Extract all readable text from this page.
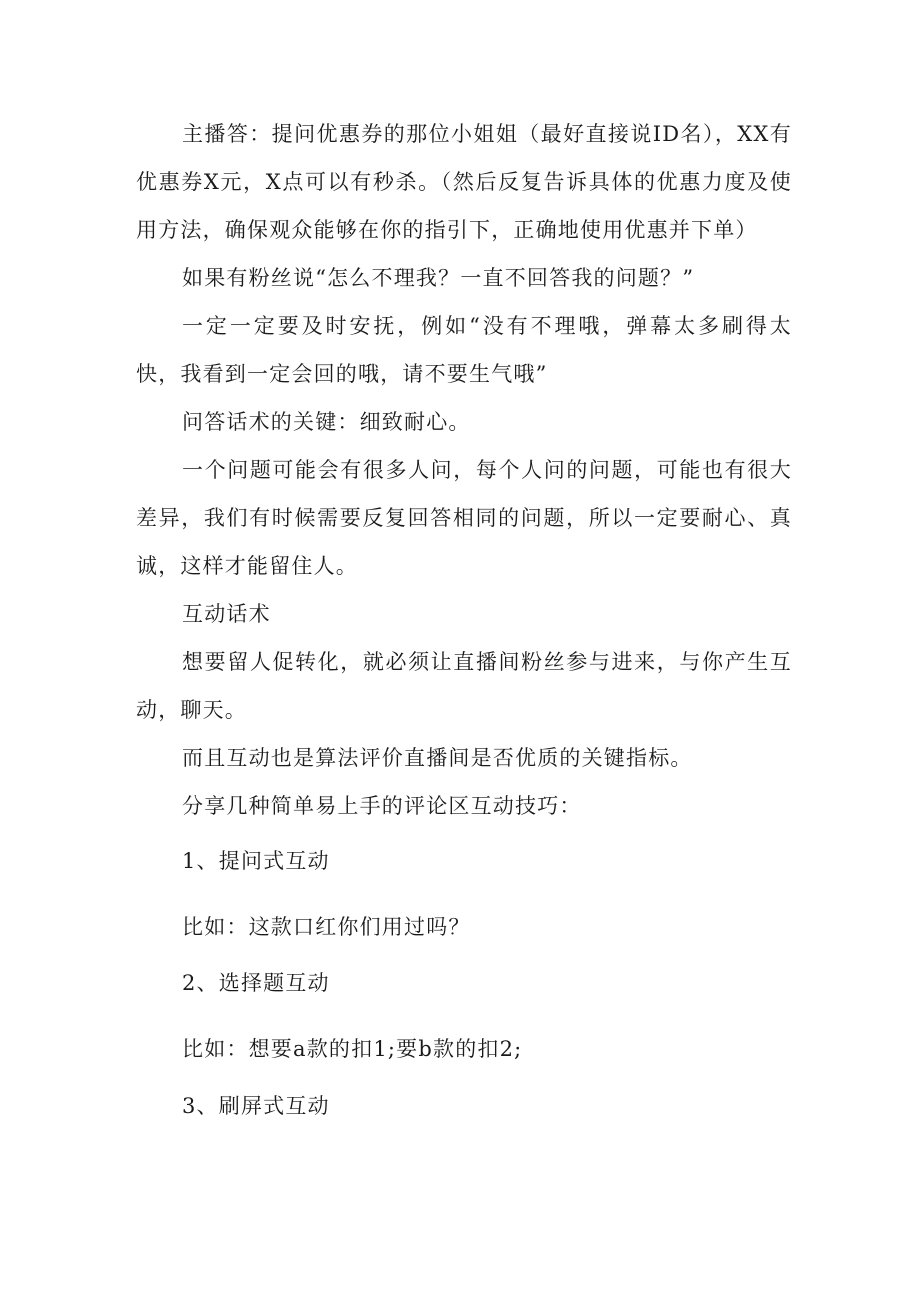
主播答：提问优惠券的那位小姐姐（最好直接说ID名），XX有优惠券X元，X点可以有秒杀。（然后反复告诉具体的优惠力度及使用方法，确保观众能够在你的指引下，正确地使用优惠并下单）

如果有粉丝说“怎么不理我？一直不回答我的问题？”

一定一定要及时安抚，例如“没有不理哦，弹幕太多刷得太快，我看到一定会回的哦，请不要生气哦”

问答话术的关键：细致耐心。

一个问题可能会有很多人问，每个人问的问题，可能也有很大差异，我们有时候需要反复回答相同的问题，所以一定要耐心、真诚，这样才能留住人。

互动话术

想要留人促转化，就必须让直播间粉丝参与进来，与你产生互动，聊天。

而且互动也是算法评价直播间是否优质的关键指标。

分享几种简单易上手的评论区互动技巧：

1、提问式互动

比如：这款口红你们用过吗？

2、选择题互动

比如：想要a款的扣1;要b款的扣2;

3、刷屏式互动
